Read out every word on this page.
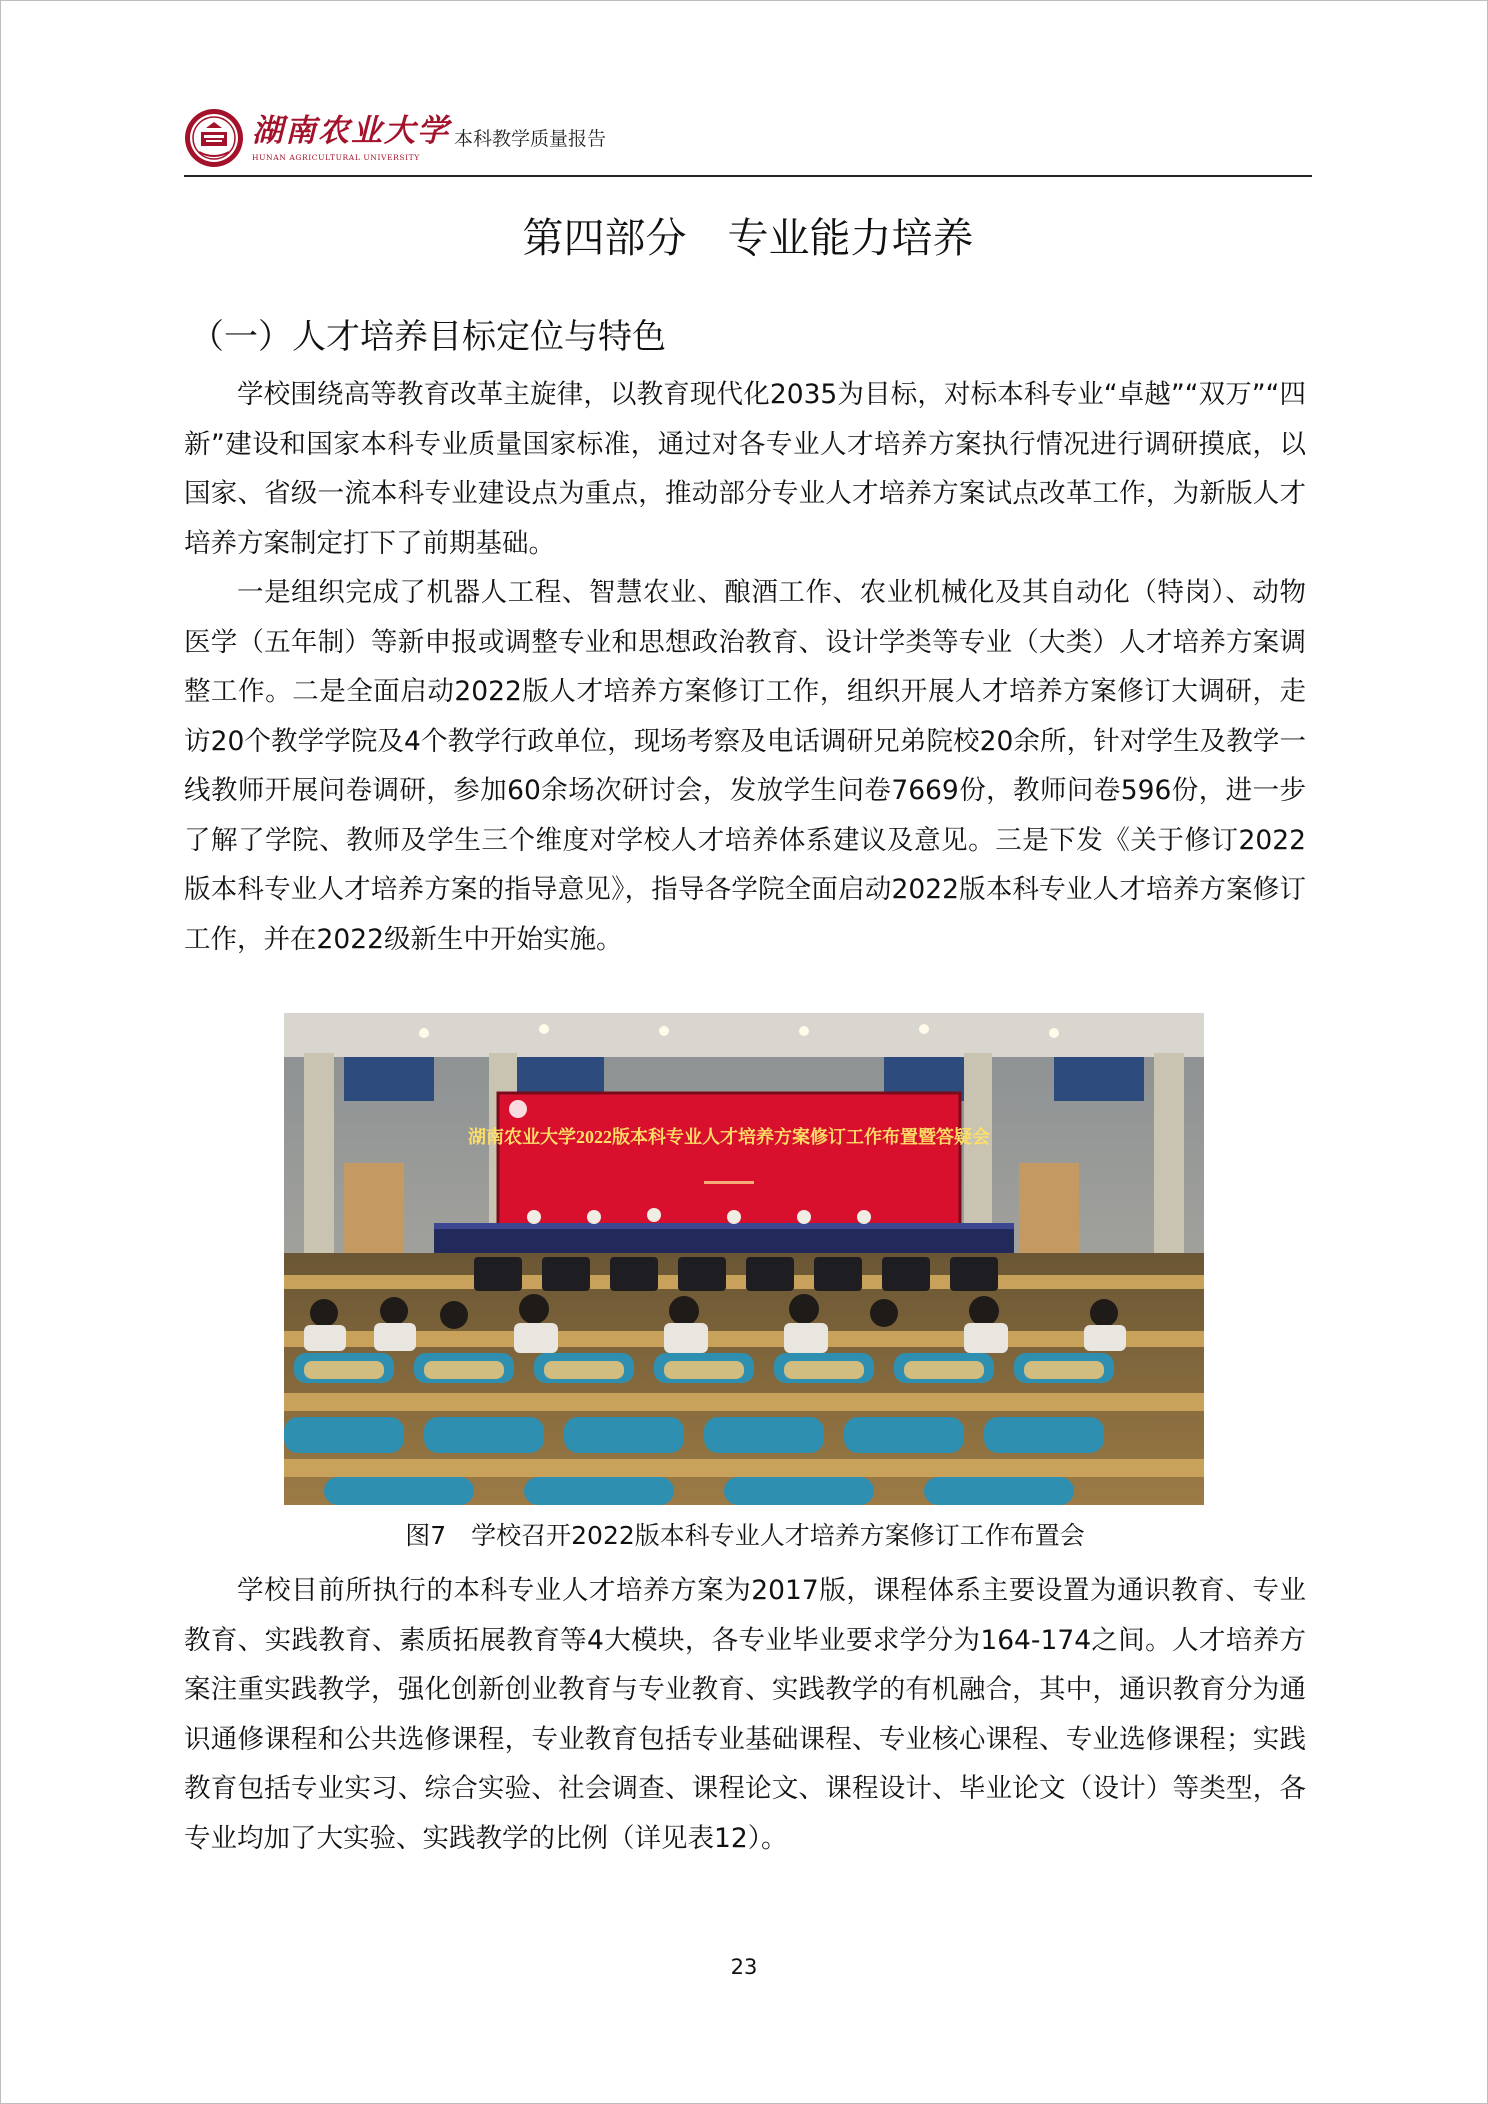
湖南农业大学
HUNAN AGRICULTURAL UNIVERSITY
本科教学质量报告
第四部分　专业能力培养
（一）人才培养目标定位与特色

学校围绕高等教育改革主旋律，以教育现代化2035为目标，对标本科专业“卓越”“双万”“四新”建设和国家本科专业质量国家标准，通过对各专业人才培养方案执行情况进行调研摸底，以国家、省级一流本科专业建设点为重点，推动部分专业人才培养方案试点改革工作，为新版人才培养方案制定打下了前期基础。

一是组织完成了机器人工程、智慧农业、酿酒工作、农业机械化及其自动化（特岗）、动物医学（五年制）等新申报或调整专业和思想政治教育、设计学类等专业（大类）人才培养方案调整工作。二是全面启动2022版人才培养方案修订工作，组织开展人才培养方案修订大调研，走访20个教学学院及4个教学行政单位，现场考察及电话调研兄弟院校20余所，针对学生及教学一线教师开展问卷调研，参加60余场次研讨会，发放学生问卷7669份，教师问卷596份，进一步了解了学院、教师及学生三个维度对学校人才培养体系建议及意见。三是下发《关于修订2022版本科专业人才培养方案的指导意见》，指导各学院全面启动2022版本科专业人才培养方案修订工作，并在2022级新生中开始实施。

湖南农业大学2022版本科专业人才培养方案修订工作布置暨答疑会
图7　学校召开2022版本科专业人才培养方案修订工作布置会

学校目前所执行的本科专业人才培养方案为2017版，课程体系主要设置为通识教育、专业教育、实践教育、素质拓展教育等4大模块，各专业毕业要求学分为164-174之间。人才培养方案注重实践教学，强化创新创业教育与专业教育、实践教学的有机融合，其中，通识教育分为通识通修课程和公共选修课程，专业教育包括专业基础课程、专业核心课程、专业选修课程；实践教育包括专业实习、综合实验、社会调查、课程论文、课程设计、毕业论文（设计）等类型，各专业均加了大实验、实践教学的比例（详见表12）。

23
